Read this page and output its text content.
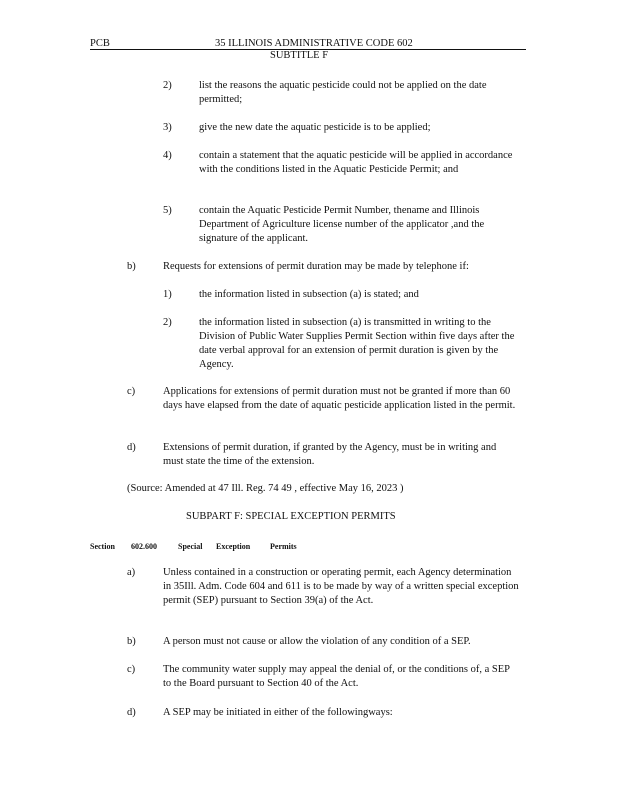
PCB	35 ILLINOIS ADMINISTRATIVE CODE 602
SUBTITLE F
2)	list the reasons the aquatic pesticide could not be applied on the date permitted;
3)	give the new date the aquatic pesticide is to be applied;
4)	contain a statement that the aquatic pesticide will be applied in accordance with the conditions listed in the Aquatic Pesticide Permit; and
5)	contain the Aquatic Pesticide Permit Number, thename and Illinois Department of Agriculture license number of the applicator ,and the signature of the applicant.
b)	Requests for extensions of permit duration may be made by telephone if:
1)	the information listed in subsection (a) is stated; and
2)	the information listed in subsection (a) is transmitted in writing to the Division of Public Water Supplies Permit Section within five days after the date verbal approval for an extension of permit duration is given by the Agency.
c)	Applications for extensions of permit duration must not be granted if more than 60 days have elapsed from the date of aquatic pesticide application listed in the permit.
d)	Extensions of permit duration, if granted by the Agency, must be in writing and must state the time of the extension.
(Source: Amended at 47 Ill. Reg. 74 49 , effective May 16, 2023 )
SUBPART F: SPECIAL EXCEPTION PERMITS
Section 602.600	Special Exception Permits
a)	Unless contained in a construction or operating permit, each Agency determination in 35Ill. Adm. Code 604 and 611 is to be made by way of a written special exception permit (SEP) pursuant to Section 39(a) of the Act.
b)	A person must not cause or allow the violation of any condition of a SEP.
c)	The community water supply may appeal the denial of, or the conditions of, a SEP to the Board pursuant to Section 40 of the Act.
d)	A SEP may be initiated in either of the followingways:
